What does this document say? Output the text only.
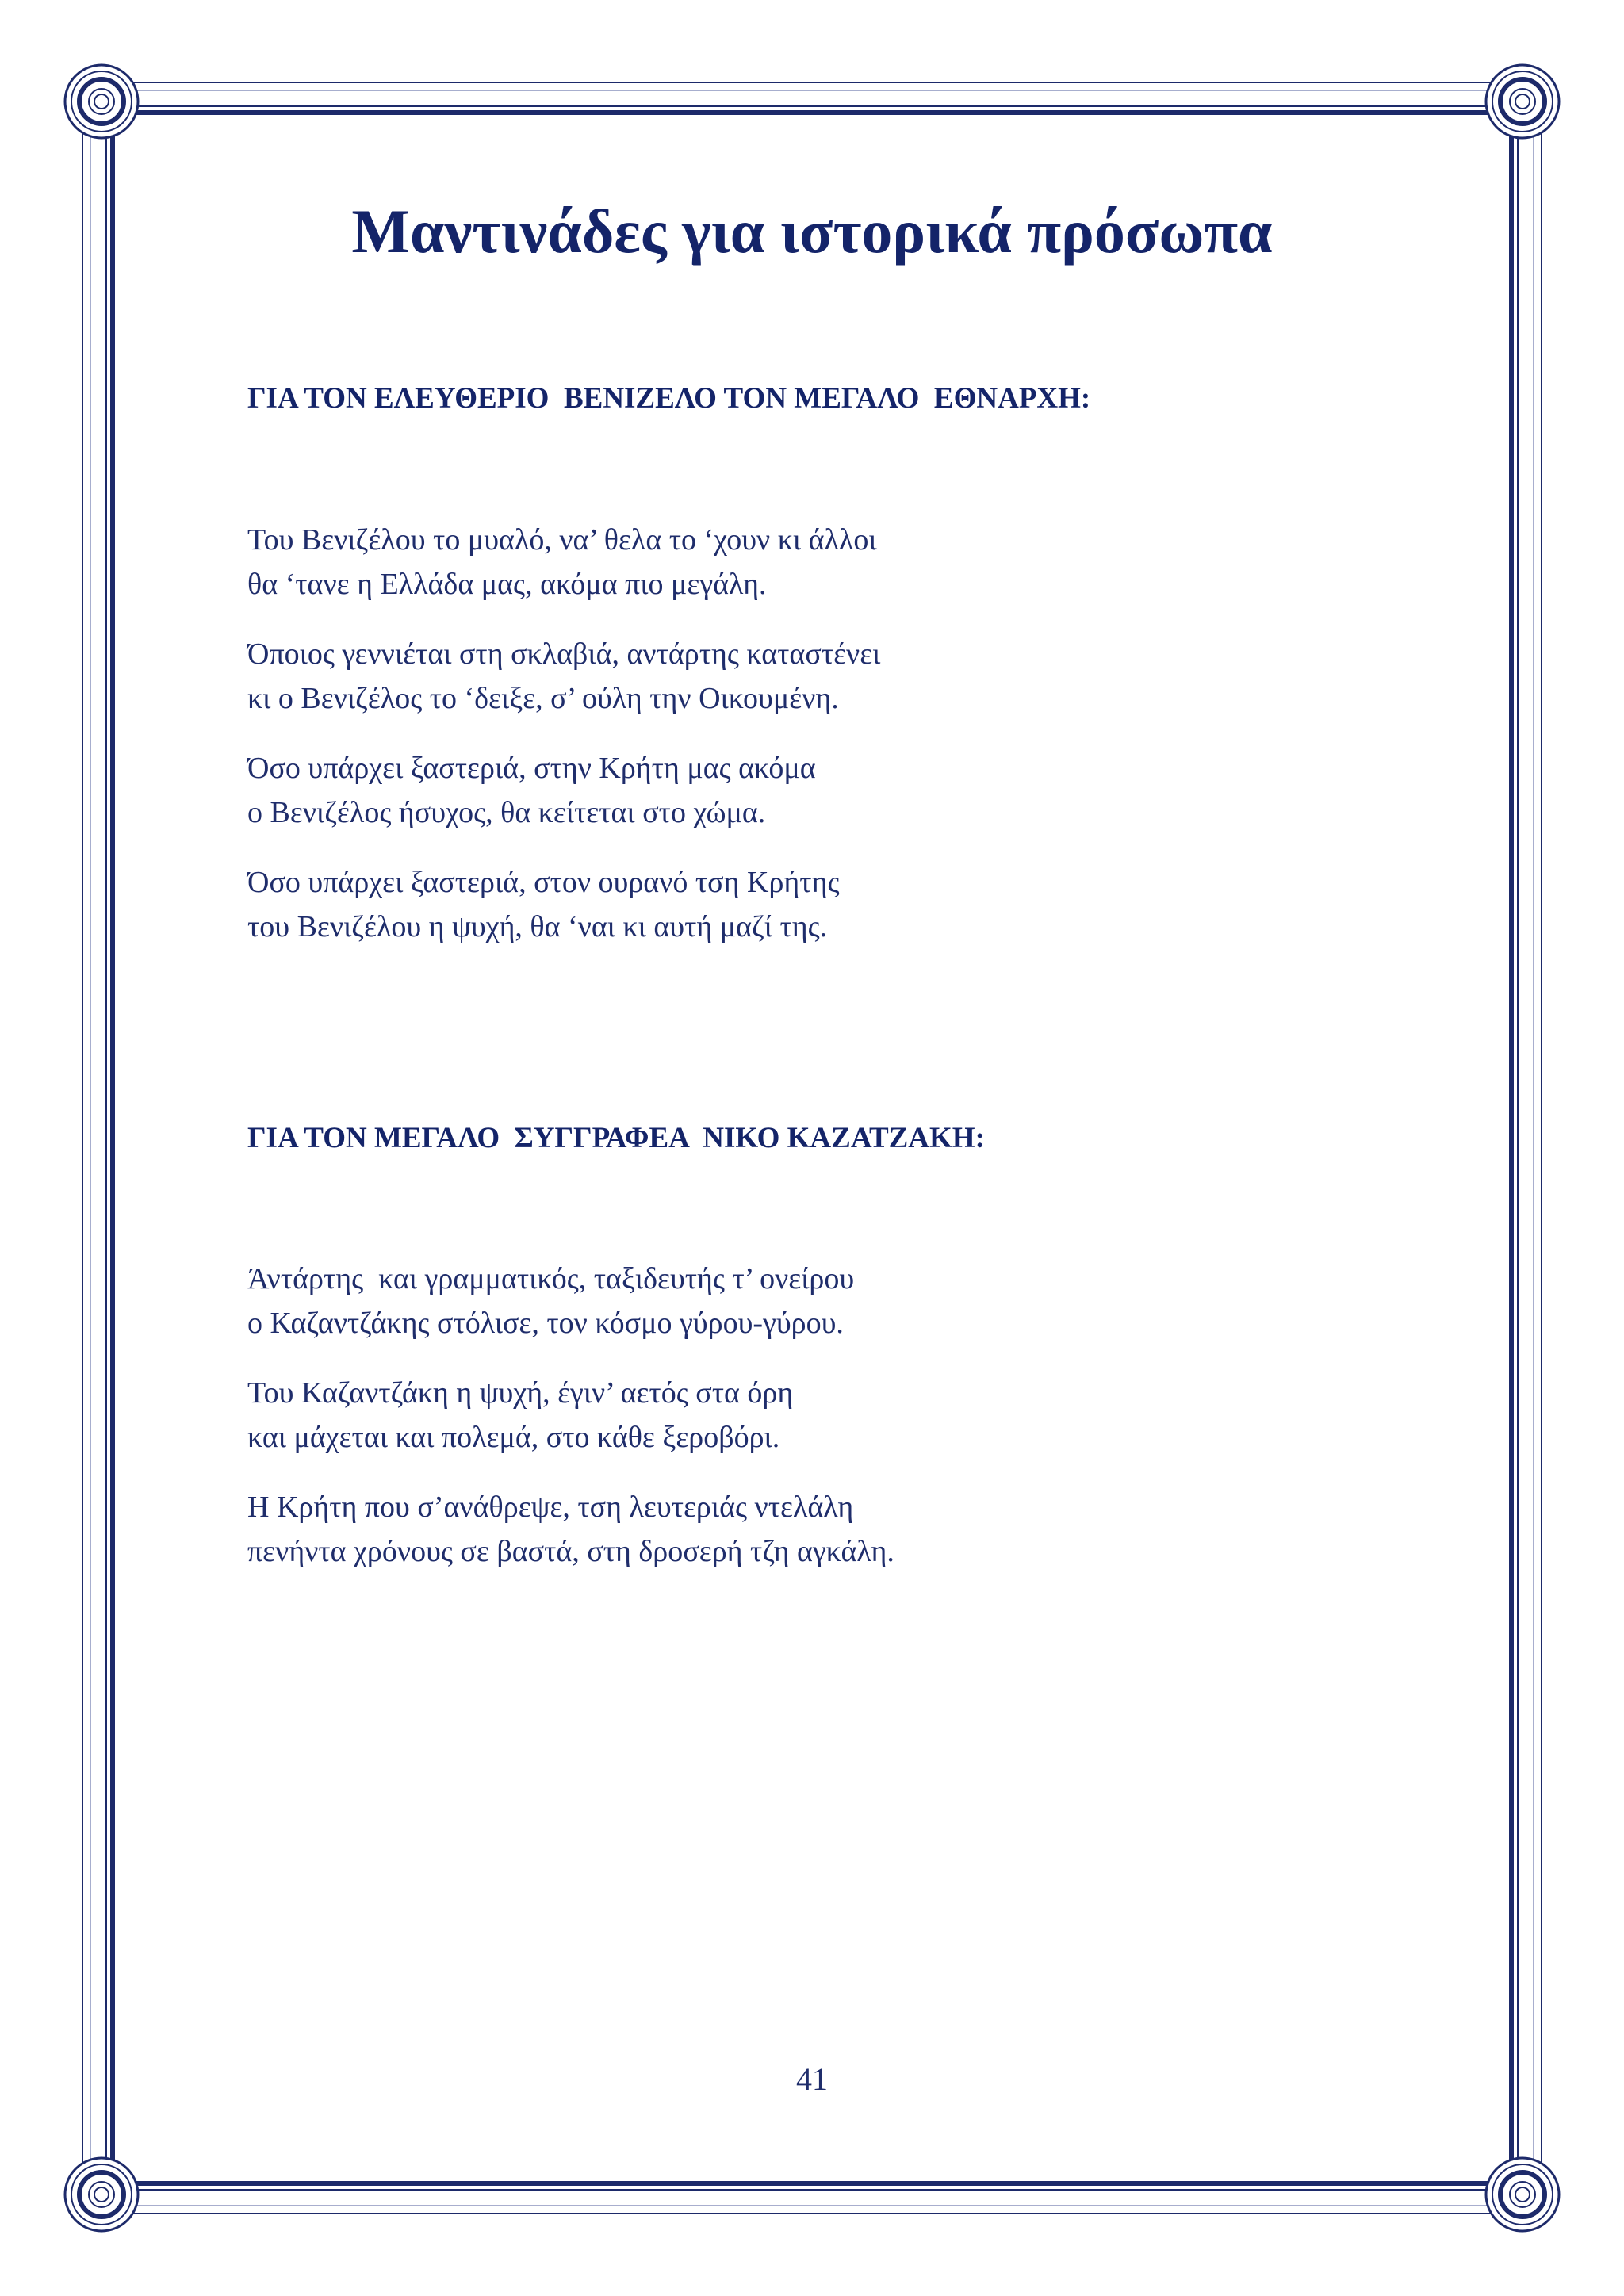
Μαντινάδες για ιστορικά πρόσωπα
ΓΙΑ ΤΟΝ ΕΛΕΥΘΕΡΙΟ  ΒΕΝΙΖΕΛΟ ΤΟΝ ΜΕΓΑΛΟ  ΕΘΝΑΡΧΗ:

Του Βενιζέλου το μυαλό, να’ θελα το ‘χουν κι άλλοι
θα ‘τανε η Ελλάδα μας, ακόμα πιο μεγάλη.

Όποιος γεννιέται στη σκλαβιά, αντάρτης καταστένει
κι ο Βενιζέλος το ‘δειξε, σ’ ούλη την Οικουμένη.

Όσο υπάρχει ξαστεριά, στην Κρήτη μας ακόμα
ο Βενιζέλος ήσυχος, θα κείτεται στο χώμα.

Όσο υπάρχει ξαστεριά, στον ουρανό τση Κρήτης
του Βενιζέλου η ψυχή, θα ‘ναι κι αυτή μαζί της.

ΓΙΑ ΤΟΝ ΜΕΓΑΛΟ  ΣΥΓΓΡΑΦΕΑ  ΝΙΚΟ ΚΑΖΑΤΖΑΚΗ:

Άντάρτης  και γραμματικός, ταξιδευτής τ’ ονείρου
ο Καζαντζάκης στόλισε, τον κόσμο γύρου-γύρου.

Του Καζαντζάκη η ψυχή, έγιν’ αετός στα όρη
και μάχεται και πολεμά, στο κάθε ξεροβόρι.

Η Κρήτη που σ’ανάθρεψε, τση λευτεριάς ντελάλη
πενήντα χρόνους σε βαστά, στη δροσερή τζη αγκάλη.

41
